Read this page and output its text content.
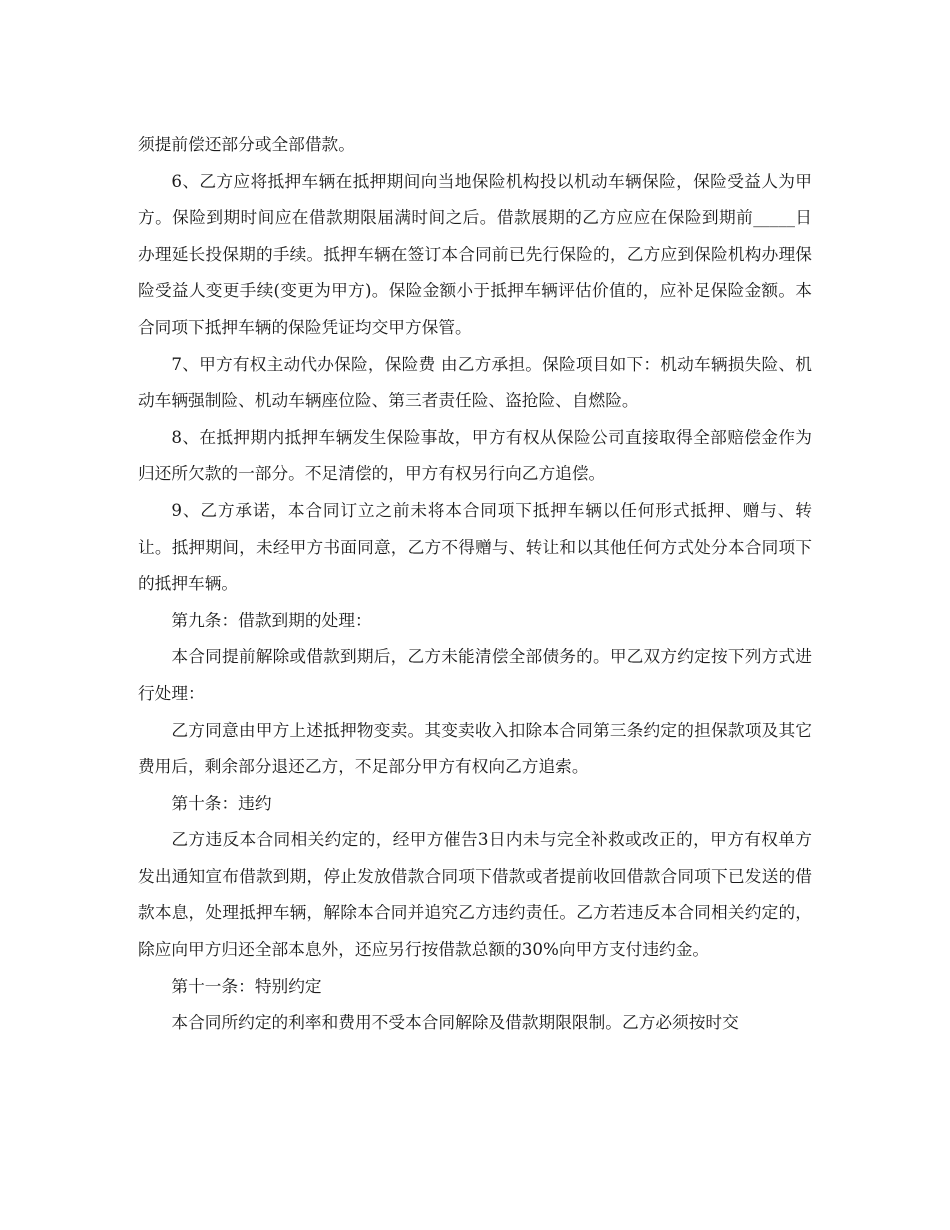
须提前偿还部分或全部借款。

6、乙方应将抵押车辆在抵押期间向当地保险机构投以机动车辆保险，保险受益人为甲方。保险到期时间应在借款期限届满时间之后。借款展期的乙方应应在保险到期前_____日办理延长投保期的手续。抵押车辆在签订本合同前已先行保险的，乙方应到保险机构办理保险受益人变更手续(变更为甲方)。保险金额小于抵押车辆评估价值的，应补足保险金额。本合同项下抵押车辆的保险凭证均交甲方保管。

7、甲方有权主动代办保险，保险费 由乙方承担。保险项目如下：机动车辆损失险、机动车辆强制险、机动车辆座位险、第三者责任险、盗抢险、自燃险。

8、在抵押期内抵押车辆发生保险事故，甲方有权从保险公司直接取得全部赔偿金作为归还所欠款的一部分。不足清偿的，甲方有权另行向乙方追偿。

9、乙方承诺，本合同订立之前未将本合同项下抵押车辆以任何形式抵押、赠与、转让。抵押期间，未经甲方书面同意，乙方不得赠与、转让和以其他任何方式处分本合同项下的抵押车辆。

第九条：借款到期的处理：

本合同提前解除或借款到期后，乙方未能清偿全部债务的。甲乙双方约定按下列方式进行处理：

乙方同意由甲方上述抵押物变卖。其变卖收入扣除本合同第三条约定的担保款项及其它费用后，剩余部分退还乙方，不足部分甲方有权向乙方追索。

第十条：违约

乙方违反本合同相关约定的，经甲方催告3日内未与完全补救或改正的，甲方有权单方发出通知宣布借款到期，停止发放借款合同项下借款或者提前收回借款合同项下已发送的借款本息，处理抵押车辆，解除本合同并追究乙方违约责任。乙方若违反本合同相关约定的，除应向甲方归还全部本息外，还应另行按借款总额的30%向甲方支付违约金。

第十一条：特别约定

本合同所约定的利率和费用不受本合同解除及借款期限限制。乙方必须按时交
